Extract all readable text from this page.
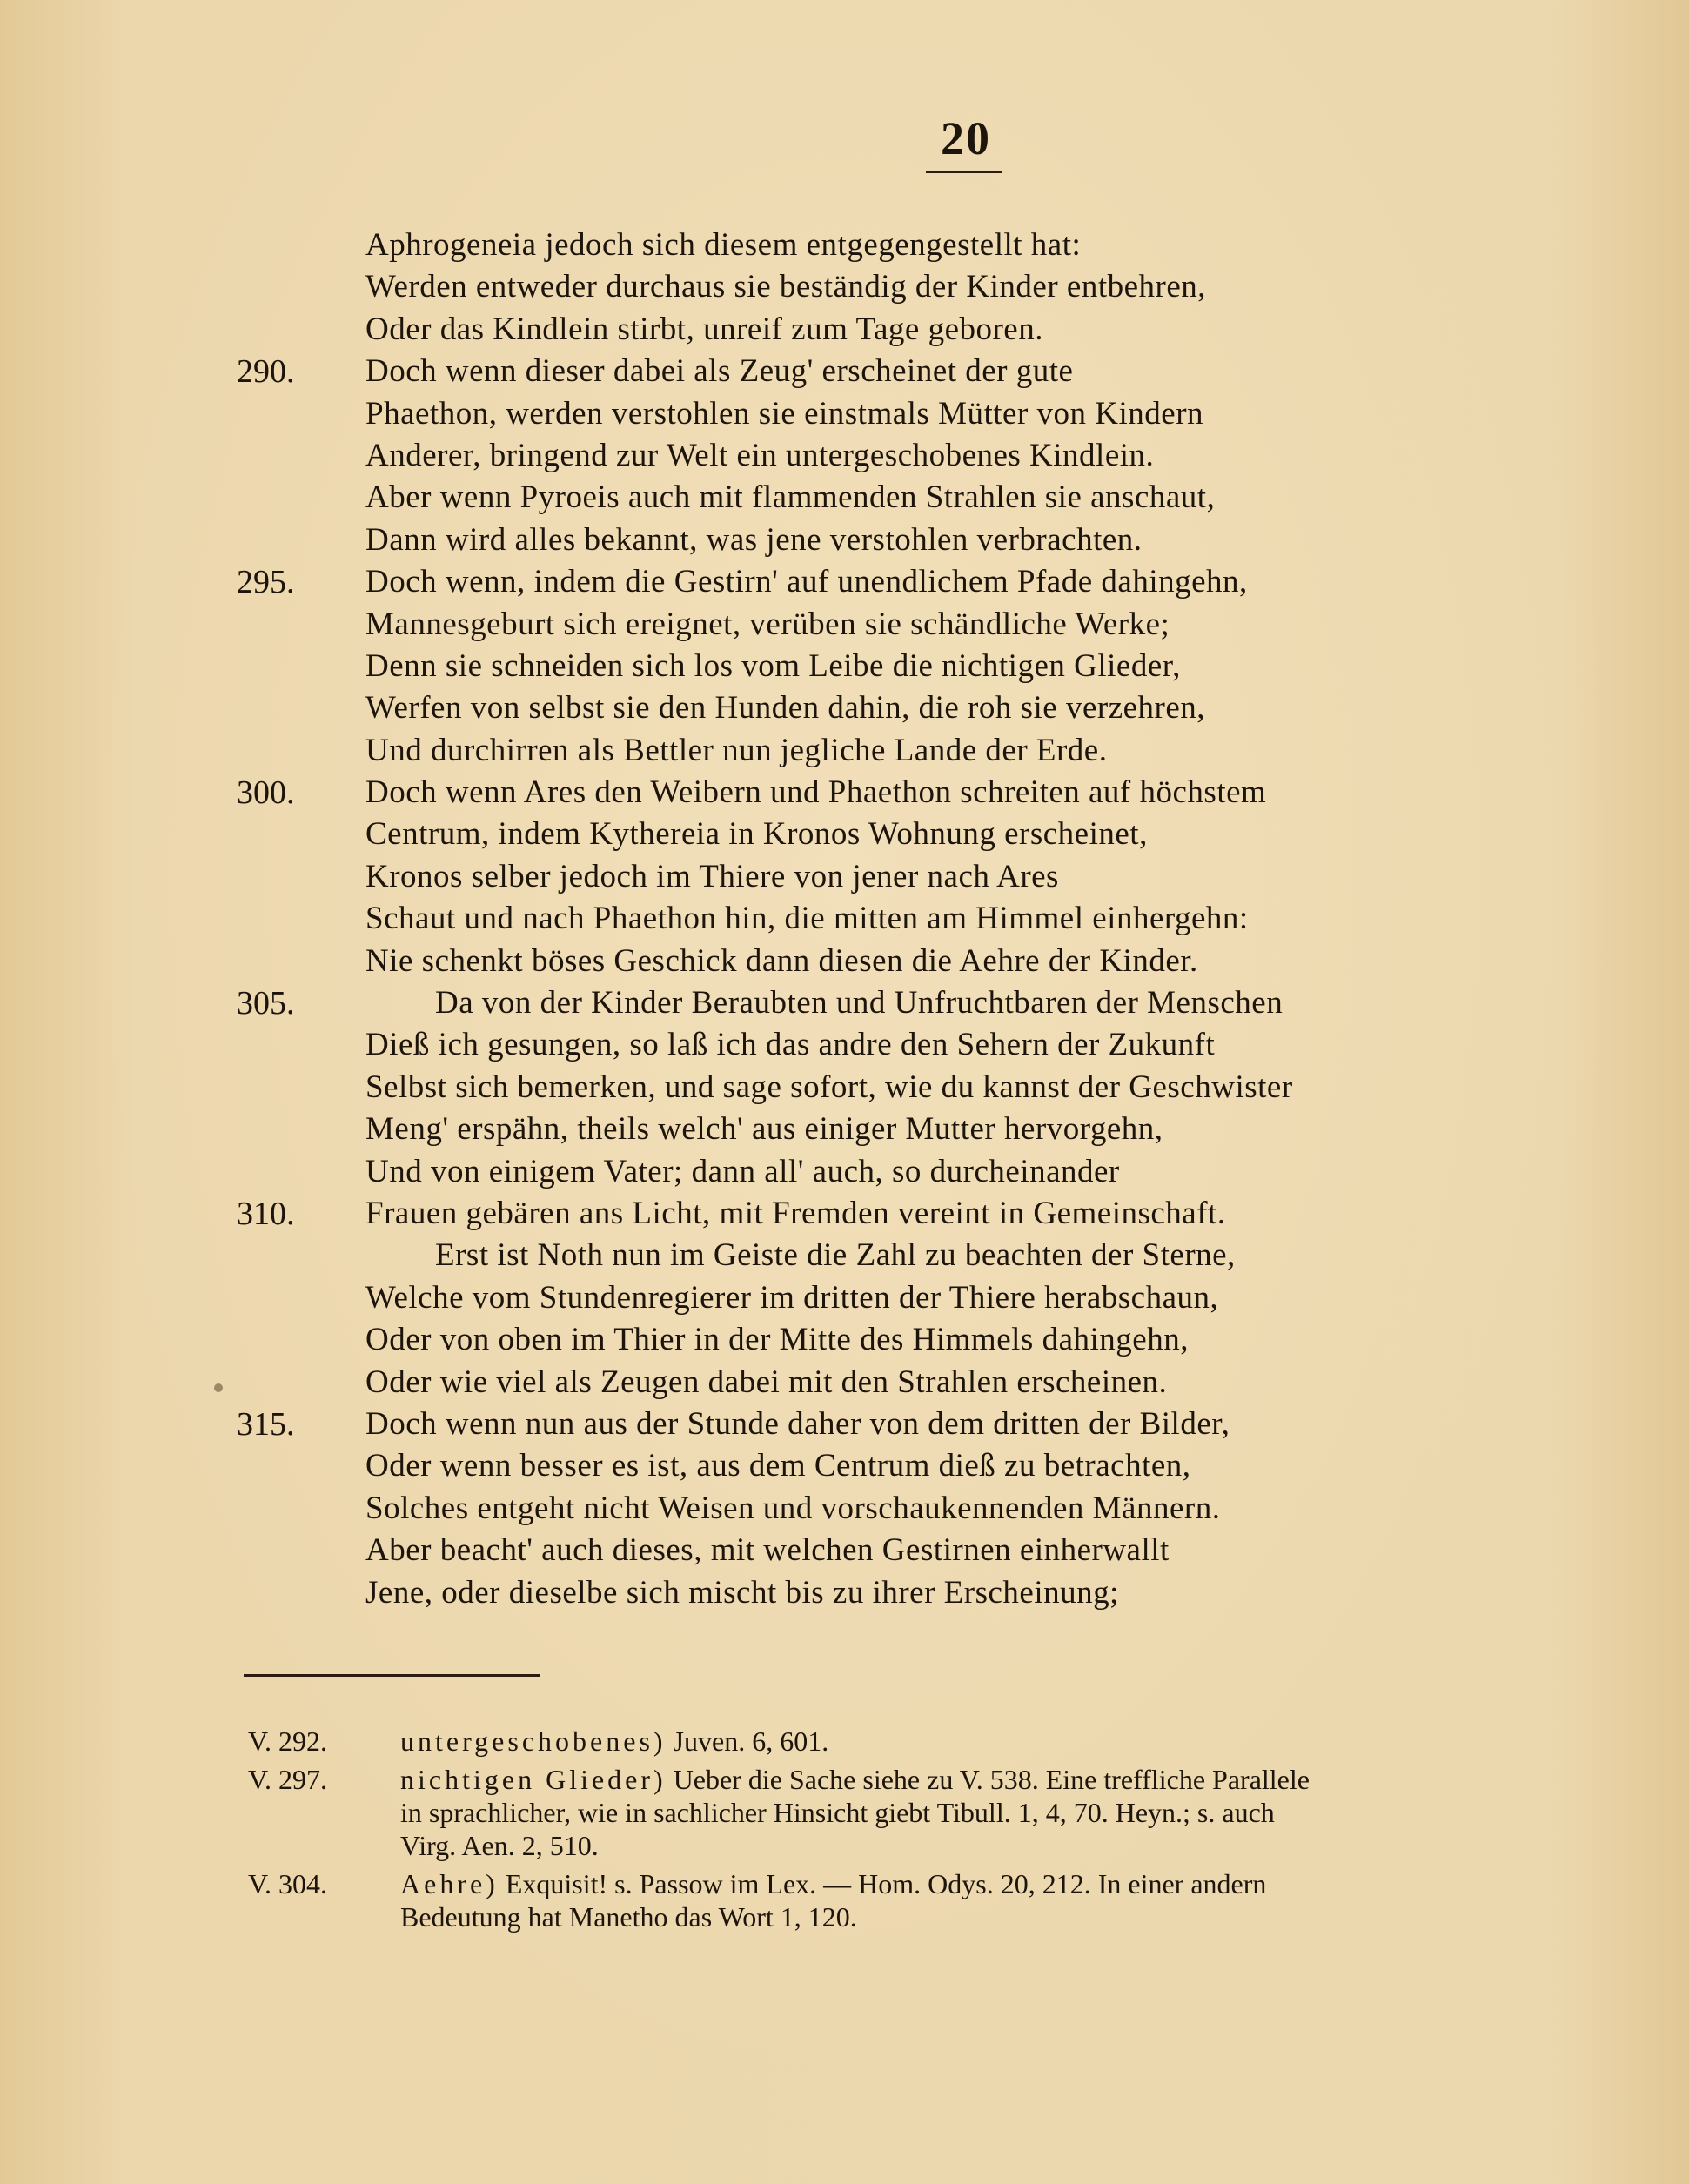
20
Aphrogeneia jedoch sich diesem entgegengestellt hat:
Werden entweder durchaus sie beständig der Kinder entbehren,
Oder das Kindlein stirbt, unreif zum Tage geboren.
290.	Doch wenn dieser dabei als Zeug' erscheinet der gute
Phaethon, werden verstohlen sie einstmals Mütter von Kindern
Anderer, bringend zur Welt ein untergeschobenes Kindlein.
Aber wenn Pyroeis auch mit flammenden Strahlen sie anschaut,
Dann wird alles bekannt, was jene verstohlen verbrachten.
295.	Doch wenn, indem die Gestirn' auf unendlichem Pfade dahingehn,
Mannesgeburt sich ereignet, verüben sie schändliche Werke;
Denn sie schneiden sich los vom Leibe die nichtigen Glieder,
Werfen von selbst sie den Hunden dahin, die roh sie verzehren,
Und durchirren als Bettler nun jegliche Lande der Erde.
300.	Doch wenn Ares den Weibern und Phaethon schreiten auf höchstem
Centrum, indem Kythereia in Kronos Wohnung erscheinet,
Kronos selber jedoch im Thiere von jener nach Ares
Schaut und nach Phaethon hin, die mitten am Himmel einhergehn:
Nie schenkt böses Geschick dann diesen die Aehre der Kinder.
305.	Da von der Kinder Beraubten und Unfruchtbaren der Menschen
Dieß ich gesungen, so laß ich das andre den Sehern der Zukunft
Selbst sich bemerken, und sage sofort, wie du kannst der Geschwister
Meng' erspähn, theils welch' aus einiger Mutter hervorgehn,
Und von einigem Vater; dann all' auch, so durcheinander
310.	Frauen gebären ans Licht, mit Fremden vereint in Gemeinschaft.
Erst ist Noth nun im Geiste die Zahl zu beachten der Sterne,
Welche vom Stundenregierer im dritten der Thiere herabschaun,
Oder von oben im Thier in der Mitte des Himmels dahingehn,
Oder wie viel als Zeugen dabei mit den Strahlen erscheinen.
315.	Doch wenn nun aus der Stunde daher von dem dritten der Bilder,
Oder wenn besser es ist, aus dem Centrum dieß zu betrachten,
Solches entgeht nicht Weisen und vorschaukennenden Männern.
Aber beacht' auch dieses, mit welchen Gestirnen einherwallt
Jene, oder dieselbe sich mischt bis zu ihrer Erscheinung;
V. 292.	untergeschobenes) Juven. 6, 601.
V. 297.	nichtigen Glieder) Ueber die Sache siehe zu V. 538. Eine treffliche Parallele
in sprachlicher, wie in sachlicher Hinsicht giebt Tibull. 1, 4, 70. Heyn.; s. auch
Virg. Aen. 2, 510.
V. 304.	Aehre) Exquisit! s. Passow im Lex. — Hom. Odys. 20, 212. In einer andern
Bedeutung hat Manetho das Wort 1, 120.
